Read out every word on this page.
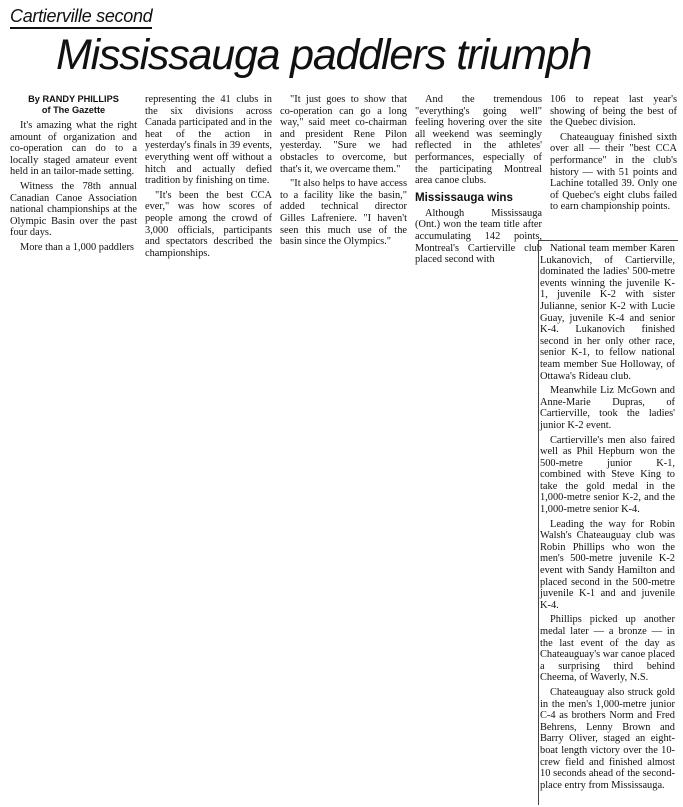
Cartierville second
Mississauga paddlers triumph
By RANDY PHILLIPS
of The Gazette

It's amazing what the right amount of organization and co-operation can do to a locally staged amateur event held in an tailor-made setting.

Witness the 78th annual Canadian Canoe Association national championships at the Olympic Basin over the past four days.

More than a 1,000 paddlers

representing the 41 clubs in the six divisions across Canada participated and in the heat of the action in yesterday's finals in 39 events, everything went off without a hitch and actually defied tradition by finishing on time.

"It's been the best CCA ever," was how scores of people among the crowd of 3,000 officials, participants and spectators described the championships.

"It just goes to show that co-operation can go a long way," said meet co-chairman and president Rene Pilon yesterday. "Sure we had obstacles to overcome, but that's it, we overcame them."

"It also helps to have access to a facility like the basin," added technical director Gilles Lafreniere. "I haven't seen this much use of the basin since the Olympics."

And the tremendous "everything's going well" feeling hovering over the site all weekend was seemingly reflected in the athletes' performances, especially of the participating Montreal area canoe clubs.

Mississauga wins

Although Mississauga (Ont.) won the team title after accumulating 142 points, Montreal's Cartierville club placed second with

106 to repeat last year's showing of being the best of the Quebec division.

Chateauguay finished sixth over all — their "best CCA performance" in the club's history — with 51 points and Lachine totalled 39. Only one of Quebec's eight clubs failed to earn championship points.

National team member Karen Lukanovich, of Cartierville, dominated the ladies' 500-metre events winning the juvenile K-1, juvenile K-2 with sister Julianne, senior K-2 with Lucie Guay, juvenile K-4 and senior K-4. Lukanovich finished second in her only other race, senior K-1, to fellow national team member Sue Holloway, of Ottawa's Rideau club.

Meanwhile Liz McGown and Anne-Marie Dupras, of Cartierville, took the ladies' junior K-2 event.

Cartierville's men also faired well as Phil Hepburn won the 500-metre junior K-1, combined with Steve King to take the gold medal in the 1,000-metre senior K-2, and the 1,000-metre senior K-4.

Leading the way for Robin Walsh's Chateauguay club was Robin Phillips who won the men's 500-metre juvenile K-2 event with Sandy Hamilton and placed second in the 500-metre juvenile K-1 and and juvenile K-4.

Phillips picked up another medal later — a bronze — in the last event of the day as Chateauguay's war canoe placed a surprising third behind Cheema, of Waverly, N.S.

Chateauguay also struck gold in the men's 1,000-metre junior C-4 as brothers Norm and Fred Behrens, Lenny Brown and Barry Oliver, staged an eight-boat length victory over the 10-crew field and finished almost 10 seconds ahead of the second-place entry from Mississauga.
